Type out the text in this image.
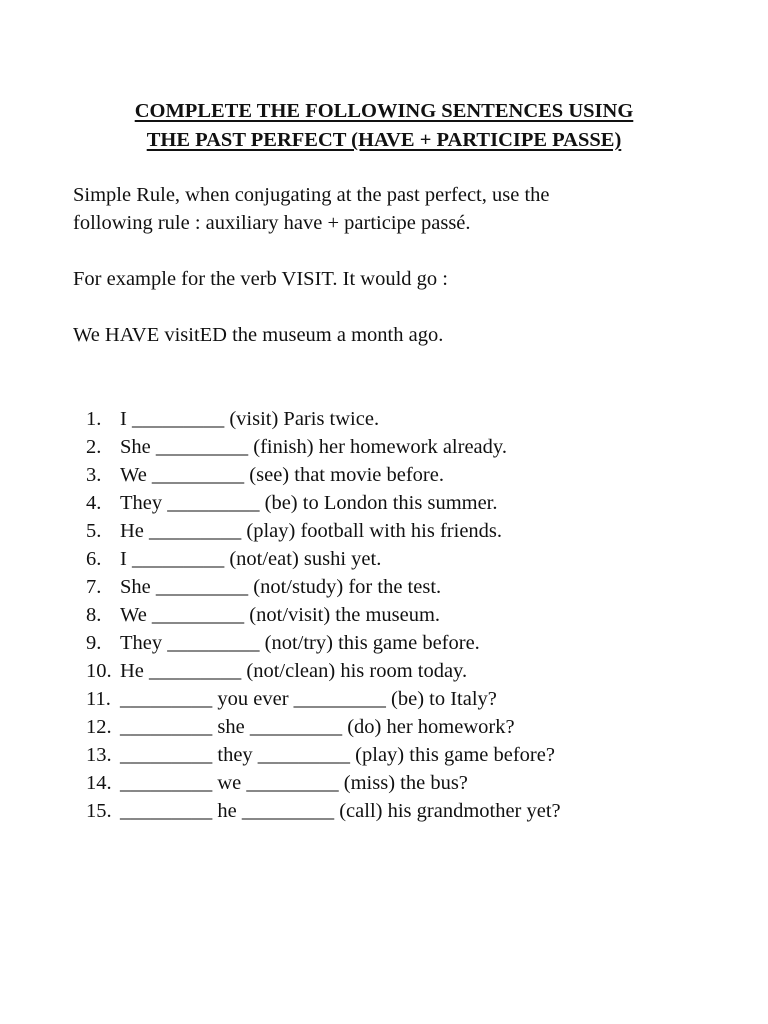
COMPLETE THE FOLLOWING SENTENCES USING
THE PAST PERFECT (HAVE + PARTICIPE PASSE)
Simple Rule, when conjugating at the past perfect, use the
following rule : auxiliary have + participe passé.
For example for the verb VISIT. It would go :
We HAVE visitED the museum a month ago.
1. I _________ (visit) Paris twice.
2. She _________ (finish) her homework already.
3. We _________ (see) that movie before.
4. They _________ (be) to London this summer.
5. He _________ (play) football with his friends.
6. I _________ (not/eat) sushi yet.
7. She _________ (not/study) for the test.
8. We _________ (not/visit) the museum.
9. They _________ (not/try) this game before.
10. He _________ (not/clean) his room today.
11. _________ you ever _________ (be) to Italy?
12. _________ she _________ (do) her homework?
13. _________ they _________ (play) this game before?
14. _________ we _________ (miss) the bus?
15. _________ he _________ (call) his grandmother yet?
